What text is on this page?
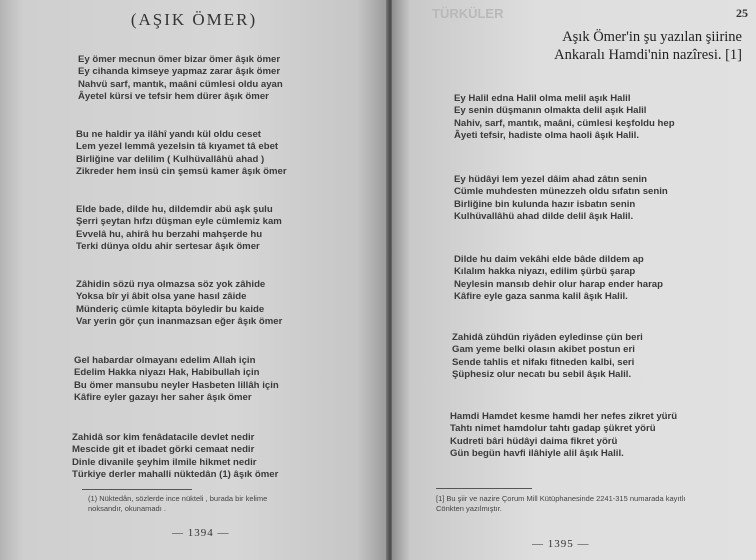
(AŞIK ÖMER)
Ey ömer mecnun ömer bizar ömer âşık ömer
Ey cihanda kimseye yapmaz zarar âşık ömer
Nahvü sarf, mantık, maâni cümlesi oldu ayan
Âyetel kürsi ve tefsir hem dürer âşık ömer
Bu ne haldir ya ilâhî yandı kül oldu ceset
Lem yezel lemmâ yezelsin tâ kıyamet tâ ebet
Birliğine var delilim ( Kulhüvallâhü ahad )
Zikreder hem insü cin şemsü kamer âşık ömer
Elde bade, dilde hu, dildemdir abü aşk şulu
Şerri şeytan hıfzı düşman eyle cümlemiz kam
Evvelâ hu, ahirâ hu berzahi mahşerde hu
Terki dünya oldu ahir sertesar âşık ömer
Zâhidin sözü rıya olmazsa söz yok zâhide
Yoksa bîr yi âbit olsa yane hasıl zâide
Münderiç cümle kitapta böyledir bu kaide
Var yerin gör çun inanmazsan eğer âşık ömer
Gel habardar olmayanı edelim Allah için
Edelim Hakka niyazı Hak, Habibullah için
Bu ömer mansubu neyler Hasbeten lillâh için
Kâfire eyler gazayı her saher âşık ömer
Zahidâ sor kim fenâdatacile devlet nedir
Mescide git et ibadet görki cemaat nedir
Dinle divanile şeyhim ilmile hikmet nedir
Türkiye derler mahalli nüktedân (1) âşık ömer
(1) Nüktedân, sözlerde ince nükteli , burada bir kelime
noksandır, okunamadı .
— 1394 —
TÜRKÜLER	25
Aşık Ömer'in şu yazılan şiirine
Ankaralı Hamdi'nin nazîresi. [1]
Ey Halil edna Halil olma melil aşık Halil
Ey senin düşmanın olmakta delil aşık Halil
Nahiv, sarf, mantık, maâni, cümlesi keşfoldu hep
Âyeti tefsir, hadiste olma haoli âşık Halil.
Ey hüdâyi lem yezel dâim ahad zâtın senin
Cümle muhdesten münezzeh oldu sıfatın senin
Birliğine bin kulunda hazır isbatın senin
Kulhüvallâhü ahad dilde delil âşık Halil.
Dilde hu daim vekâhi elde bâde dildem ap
Kılalım hakka niyazı, edilim şürbü şarap
Neylesin mansıb dehir olur harap ender harap
Kâfire eyle gaza sanma kalil âşık Halil.
Zahidâ zühdün riyâden eyledinse çün beri
Gam yeme belki olasın akibet postun eri
Sende tahlis et nifakı fitneden kalbi, seri
Şüphesiz olur necatı bu sebil âşık Halil.
Hamdi Hamdet kesme hamdi her nefes zikret yürü
Tahtı nimet hamdolur tahtı gadap şükret yörü
Kudreti bâri hüdâyi daima fikret yörü
Gün begün havfi ilâhiyle alil âşık Halil.
[1] Bu şiir ve nazire Çorum Mill Kütüphanesinde 2241-315 numarada kayıtlı Cönkten yazılmıştır.
— 1395 —
